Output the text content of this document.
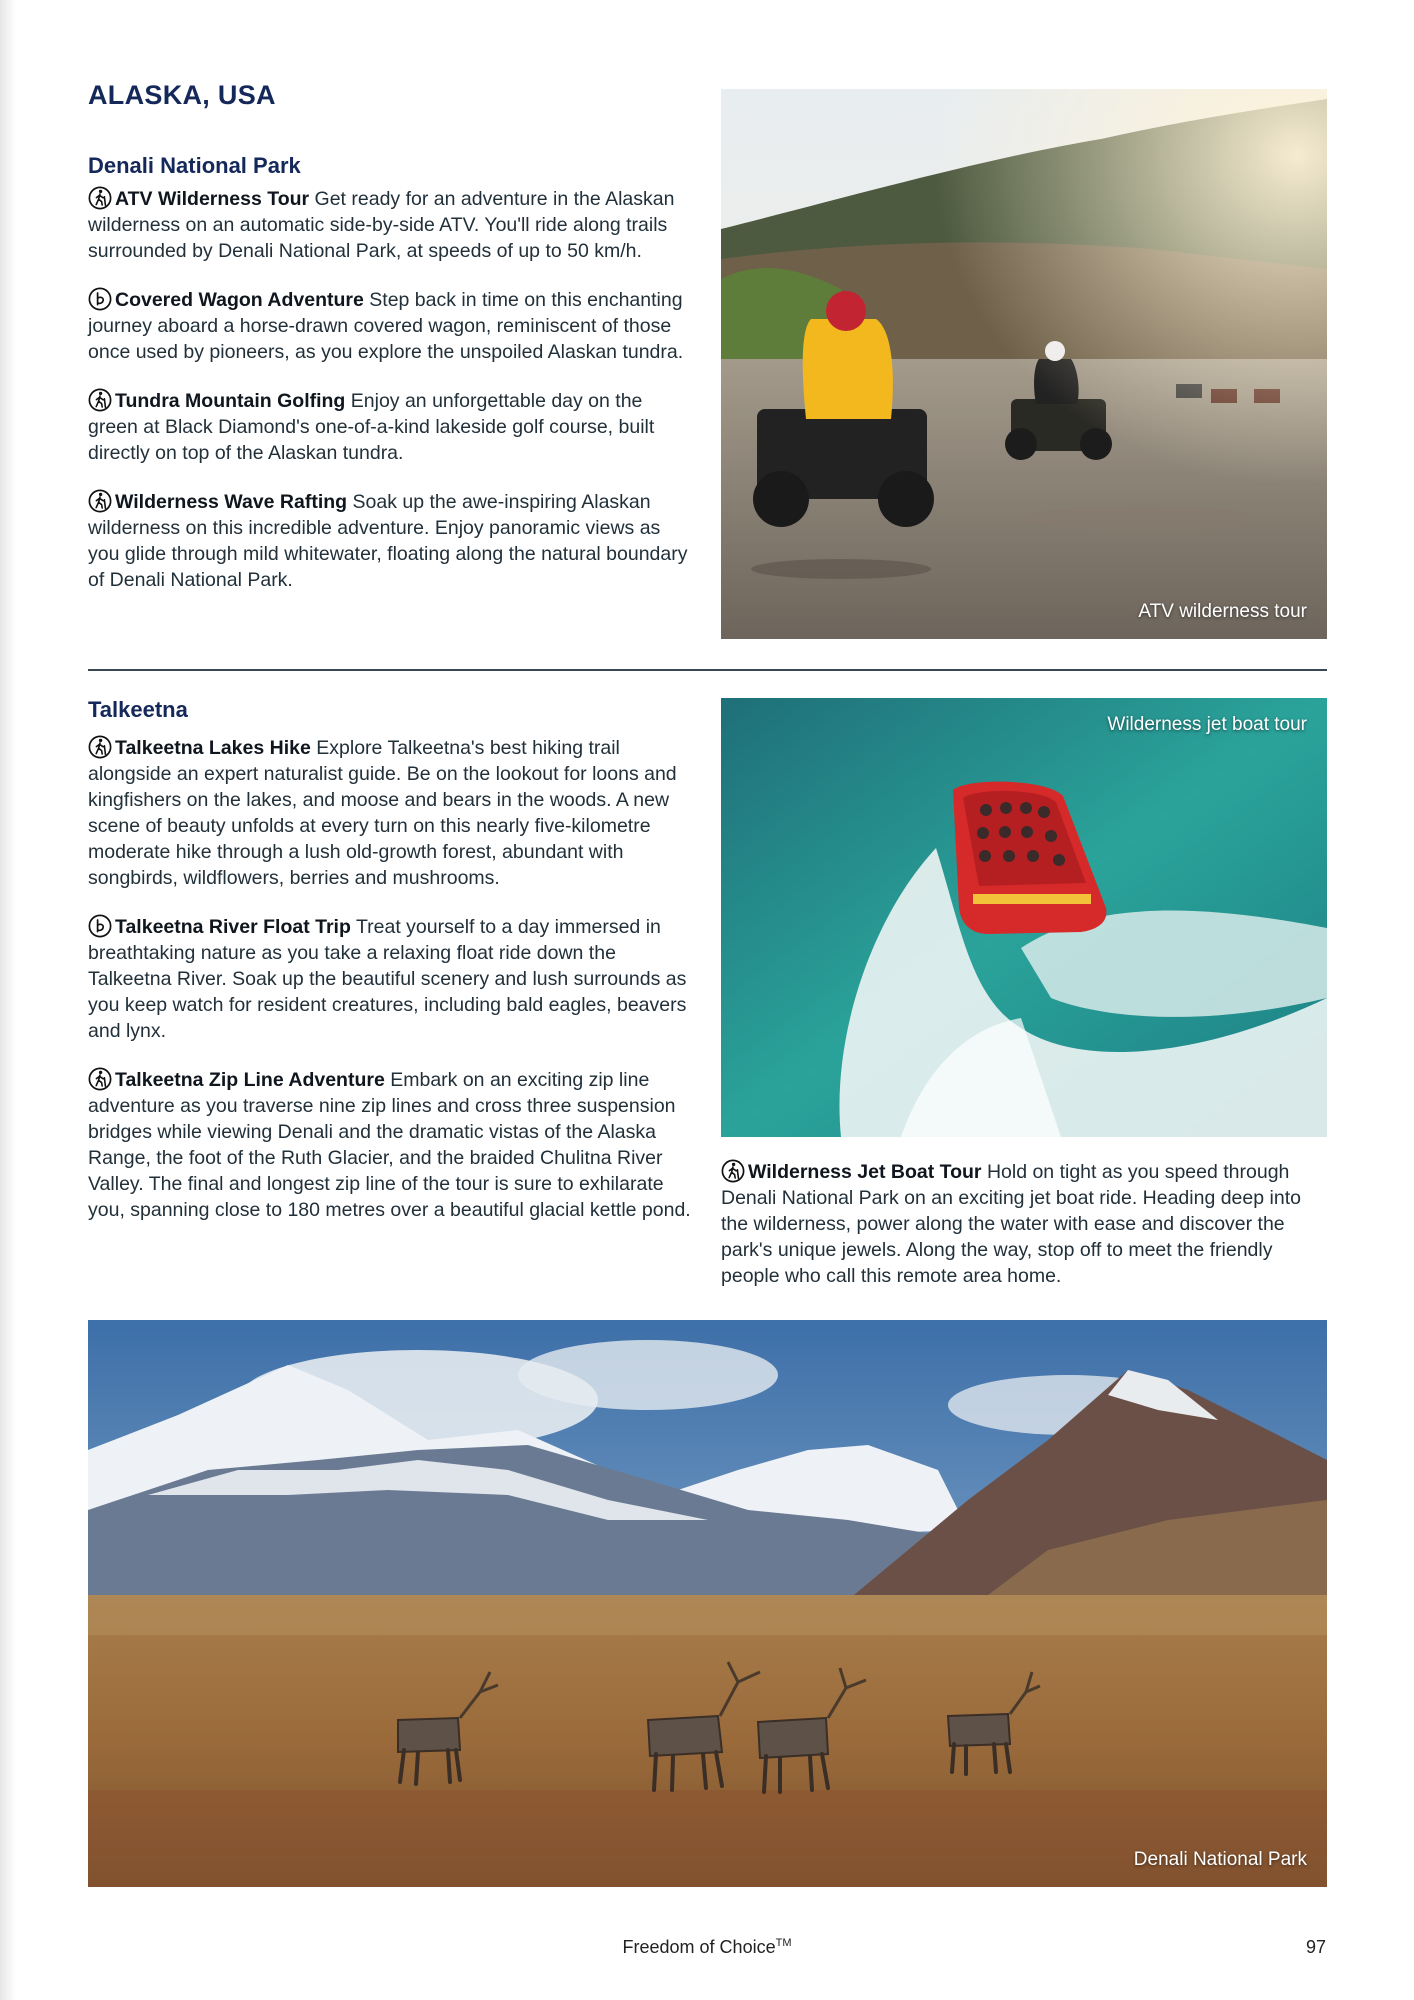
ALASKA, USA
Denali National Park

ATV Wilderness Tour Get ready for an adventure in the Alaskan wilderness on an automatic side-by-side ATV. You'll ride along trails surrounded by Denali National Park, at speeds of up to 50 km/h.

Covered Wagon Adventure Step back in time on this enchanting journey aboard a horse-drawn covered wagon, reminiscent of those once used by pioneers, as you explore the unspoiled Alaskan tundra.

Tundra Mountain Golfing Enjoy an unforgettable day on the green at Black Diamond's one-of-a-kind lakeside golf course, built directly on top of the Alaskan tundra.

Wilderness Wave Rafting Soak up the awe-inspiring Alaskan wilderness on this incredible adventure. Enjoy panoramic views as you glide through mild whitewater, floating along the natural boundary of Denali National Park.

ATV wilderness tour
Talkeetna

Talkeetna Lakes Hike Explore Talkeetna's best hiking trail alongside an expert naturalist guide. Be on the lookout for loons and kingfishers on the lakes, and moose and bears in the woods. A new scene of beauty unfolds at every turn on this nearly five-kilometre moderate hike through a lush old-growth forest, abundant with songbirds, wildflowers, berries and mushrooms.

Talkeetna River Float Trip Treat yourself to a day immersed in breathtaking nature as you take a relaxing float ride down the Talkeetna River. Soak up the beautiful scenery and lush surrounds as you keep watch for resident creatures, including bald eagles, beavers and lynx.

Talkeetna Zip Line Adventure Embark on an exciting zip line adventure as you traverse nine zip lines and cross three suspension bridges while viewing Denali and the dramatic vistas of the Alaska Range, the foot of the Ruth Glacier, and the braided Chulitna River Valley. The final and longest zip line of the tour is sure to exhilarate you, spanning close to 180 metres over a beautiful glacial kettle pond.

Wilderness jet boat tour

Wilderness Jet Boat Tour Hold on tight as you speed through Denali National Park on an exciting jet boat ride. Heading deep into the wilderness, power along the water with ease and discover the park's unique jewels. Along the way, stop off to meet the friendly people who call this remote area home.

Denali National Park
Freedom of Choice™	97
